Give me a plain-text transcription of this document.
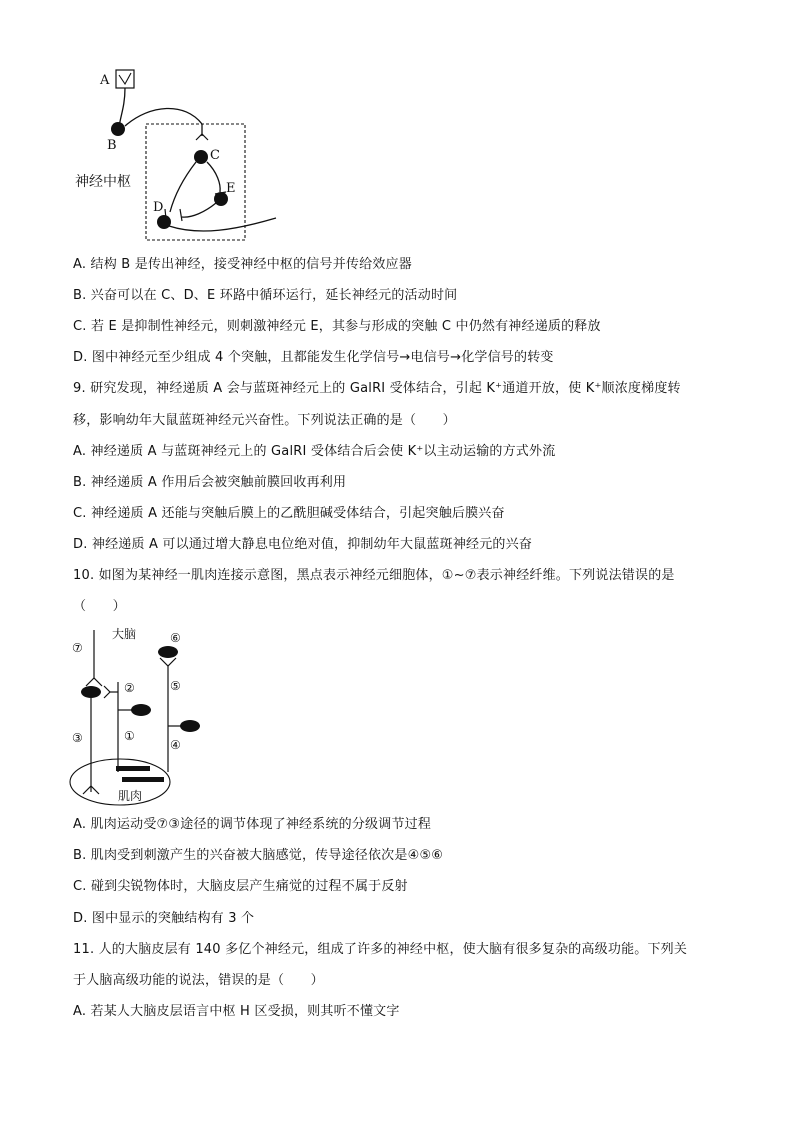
A
B
神经中枢
C
E
D
A. 结构 B 是传出神经，接受神经中枢的信号并传给效应器
B. 兴奋可以在 C、D、E 环路中循环运行，延长神经元的活动时间
C. 若 E 是抑制性神经元，则刺激神经元 E，其参与形成的突触 C 中仍然有神经递质的释放
D. 图中神经元至少组成 4 个突触，且都能发生化学信号→电信号→化学信号的转变
9. 研究发现，神经递质 A 会与蓝斑神经元上的 GalRI 受体结合，引起 K⁺通道开放，使 K⁺顺浓度梯度转
移，影响幼年大鼠蓝斑神经元兴奋性。下列说法正确的是（　　）
A. 神经递质 A 与蓝斑神经元上的 GalRI 受体结合后会使 K⁺以主动运输的方式外流
B. 神经递质 A 作用后会被突触前膜回收再利用
C. 神经递质 A 还能与突触后膜上的乙酰胆碱受体结合，引起突触后膜兴奋
D. 神经递质 A 可以通过增大静息电位绝对值，抑制幼年大鼠蓝斑神经元的兴奋
10. 如图为某神经一肌肉连接示意图，黑点表示神经元细胞体，①~⑦表示神经纤维。下列说法错误的是
（　　）
大脑
⑦
③
②
①
⑥
⑤
④
肌肉
A. 肌肉运动受⑦③途径的调节体现了神经系统的分级调节过程
B. 肌肉受到刺激产生的兴奋被大脑感觉，传导途径依次是④⑤⑥
C. 碰到尖锐物体时，大脑皮层产生痛觉的过程不属于反射
D. 图中显示的突触结构有 3 个
11. 人的大脑皮层有 140 多亿个神经元，组成了许多的神经中枢，使大脑有很多复杂的高级功能。下列关
于人脑高级功能的说法，错误的是（　　）
A. 若某人大脑皮层语言中枢 H 区受损，则其听不懂文字
